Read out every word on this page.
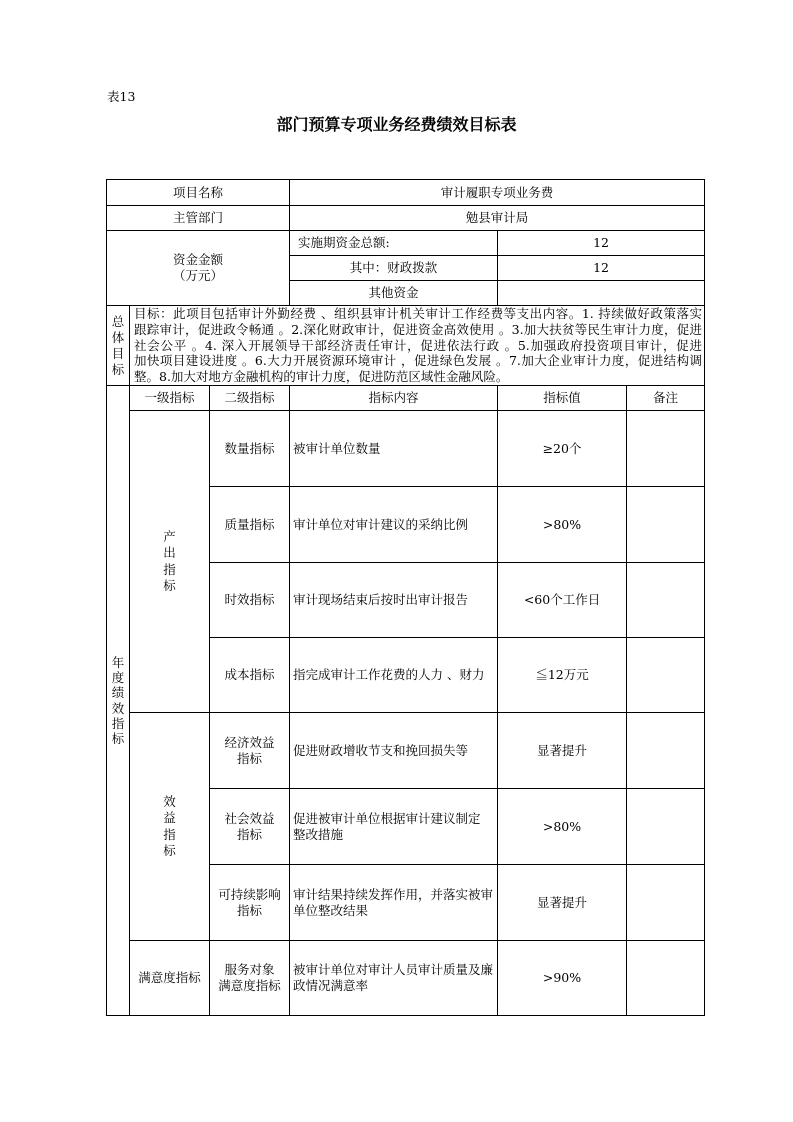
表13
部门预算专项业务经费绩效目标表
项目名称			审计履职专项业务费		
主管部门			勉县审计局		

资金金额
（万元）			实施期资金总额:	12	
			其中：财政拨款	12	
			其他资金		

总体目标	目标：此项目包括审计外勤经费 、组织县审计机关审计工作经费等支出内容。1. 持续做好政策落实
跟踪审计，促进政令畅通 。2.深化财政审计，促进资金高效使用 。3.加大扶贫等民生审计力度，促进
社会公平 。4. 深入开展领导干部经济责任审计，促进依法行政 。5.加强政府投资项目审计，促进
加快项目建设进度 。6.大力开展资源环境审计 ，促进绿色发展 。7.加大企业审计力度，促进结构调
整。8.加大对地方金融机构的审计力度，促进防范区域性金融风险。				

年度绩效指标	一级指标	二级指标	指标内容	指标值	备注

	产出指标	数量指标	被审计单位数量	≥20个	
		质量指标	审计单位对审计建议的采纳比例	>80%	
		时效指标	审计现场结束后按时出审计报告	<60个工作日	
		成本指标	指完成审计工作花费的人力 、财力	≦12万元	

	效益指标	经济效益
指标	促进财政增收节支和挽回损失等	显著提升	
		社会效益
指标	促进被审计单位根据审计建议制定
整改措施	>80%	
		可持续影响
指标	审计结果持续发挥作用，并落实被审
单位整改结果	显著提升	
	满意度指标	服务对象
满意度指标	被审计单位对审计人员审计质量及廉
政情况满意率	>90%	
